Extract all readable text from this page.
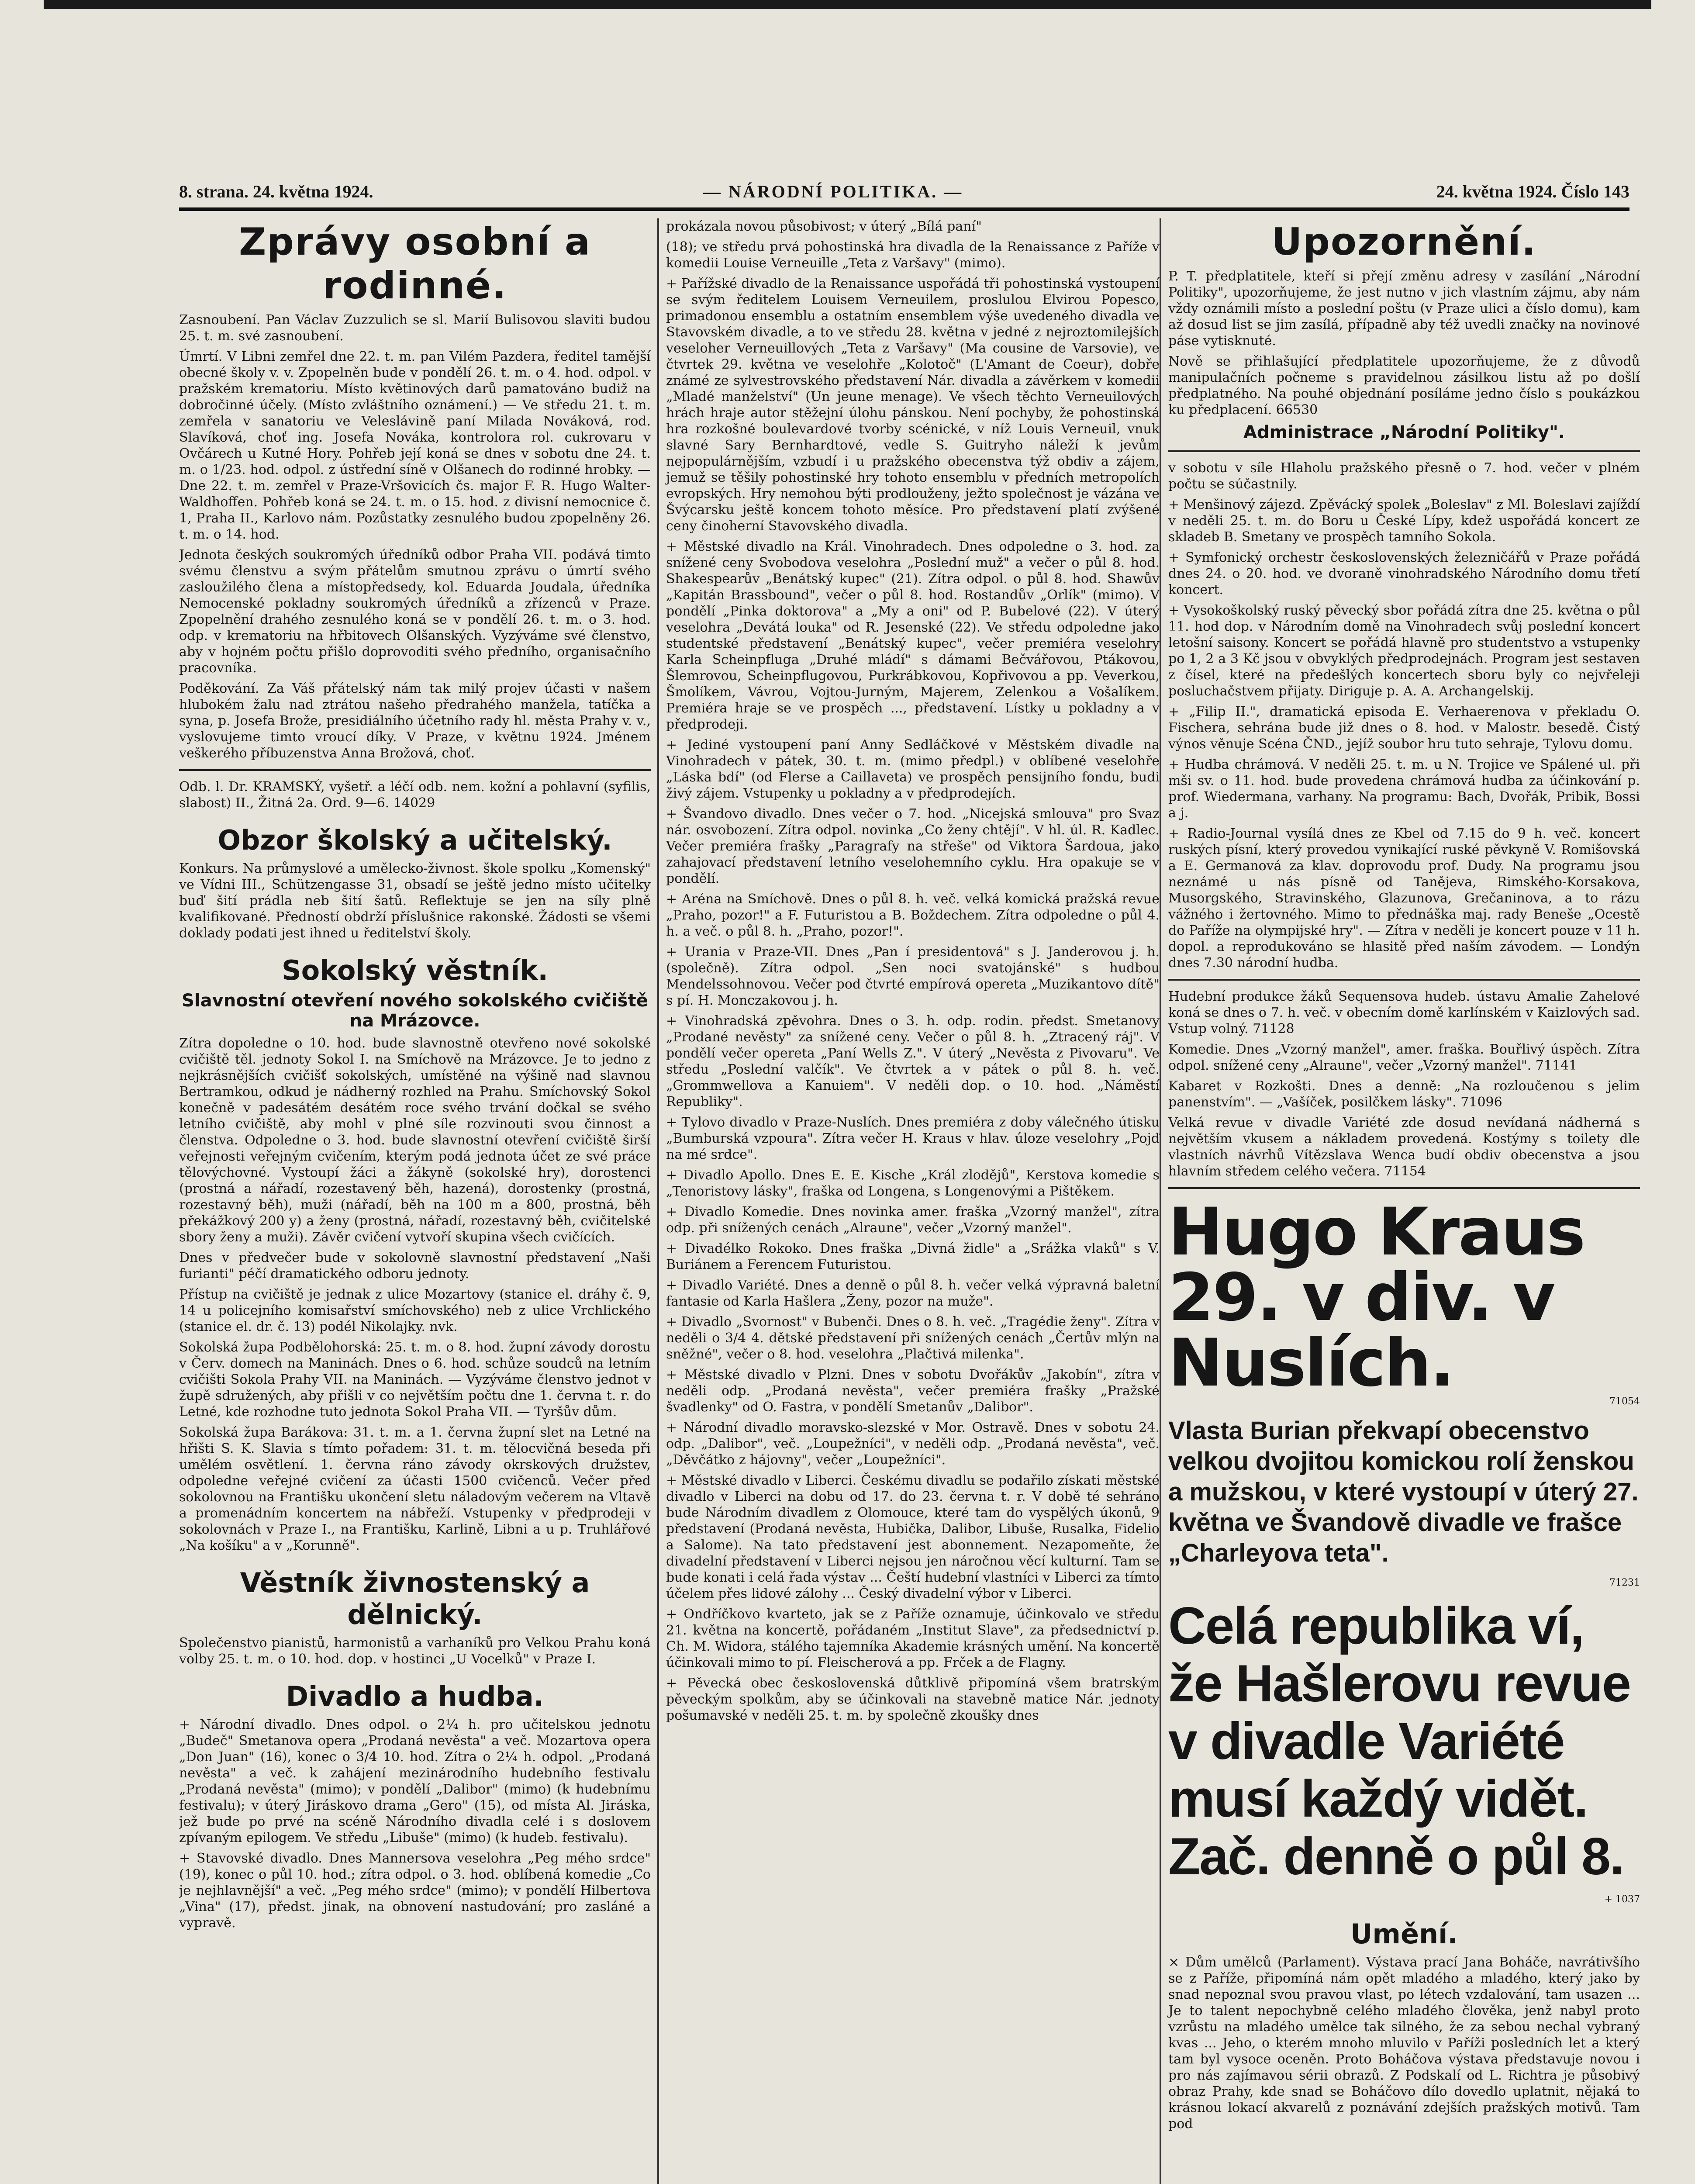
8. strana. 24. května 1924.	— NÁRODNÍ POLITIKA. —	24. května 1924. Číslo 143
Zprávy osobní a rodinné.

Zasnoubení. Pan Václav Zuzzulich se sl. Marií Bulisovou slaviti budou 25. t. m. své zasnoubení.

Úmrtí. V Libni zemřel dne 22. t. m. pan Vilém Pazdera, ředitel tamější obecné školy v. v. Zpopelněn bude v pondělí 26. t. m. o 4. hod. odpol. v pražském krematoriu. Místo květinových darů pamatováno budiž na dobročinné účely. (Místo zvláštního oznámení.) — Ve středu 21. t. m. zemřela v sanatoriu ve Veleslávině paní Milada Nováková, rod. Slavíková, choť ing. Josefa Nováka, kontrolora rol. cukrovaru v Ovčárech u Kutné Hory. Pohřeb její koná se dnes v sobotu dne 24. t. m. o 1/23. hod. odpol. z ústřední síně v Olšanech do rodinné hrobky. — Dne 22. t. m. zemřel v Praze-Vršovicích čs. major F. R. Hugo Walter-Waldhoffen. Pohřeb koná se 24. t. m. o 15. hod. z divisní nemocnice č. 1, Praha II., Karlovo nám. Pozůstatky zesnulého budou zpopelněny 26. t. m. o 14. hod.

Jednota českých soukromých úředníků odbor Praha VII. podává timto svému členstvu a svým přátelům smutnou zprávu o úmrtí svého zasloužilého člena a místopředsedy, kol. Eduarda Joudala, úředníka Nemocenské pokladny soukromých úředníků a zřízenců v Praze. Zpopelnění drahého zesnulého koná se v pondělí 26. t. m. o 3. hod. odp. v krematoriu na hřbitovech Olšanských. Vyzýváme své členstvo, aby v hojném počtu přišlo doprovoditi svého předního, organisačního pracovníka.

Poděkování. Za Váš přátelský nám tak milý projev účasti v našem hlubokém žalu nad ztrátou našeho předrahého manžela, tatíčka a syna, p. Josefa Brože, presidiálního účetního rady hl. města Prahy v. v., vyslovujeme timto vroucí díky. V Praze, v květnu 1924. Jménem veškerého příbuzenstva Anna Brožová, choť.

Odb. l. Dr. KRAMSKÝ, vyšetř. a léčí odb. nem. kožní a pohlavní (syfilis, slabost) II., Žitná 2a. Ord. 9—6. 14029

Obzor školský a učitelský.

Konkurs. Na průmyslové a umělecko-živnost. škole spolku „Komenský" ve Vídni III., Schützengasse 31, obsadí se ještě jedno místo učitelky buď šití prádla neb šití šatů. Reflektuje se jen na síly plně kvalifikované. Předností obdrží příslušnice rakonské. Žádosti se všemi doklady podati jest ihned u ředitelství školy.

Sokolský věstník.
Slavnostní otevření nového sokolského cvičiště na Mrázovce.

Zítra dopoledne o 10. hod. bude slavnostně otevřeno nové sokolské cvičiště těl. jednoty Sokol I. na Smíchově na Mrázovce. Je to jedno z nejkrásnějších cvičišť sokolských, umístěné na výšině nad slavnou Bertramkou, odkud je nádherný rozhled na Prahu. Smíchovský Sokol konečně v padesátém desátém roce svého trvání dočkal se svého letního cvičiště, aby mohl v plné síle rozvinouti svou činnost a členstva. Odpoledne o 3. hod. bude slavnostní otevření cvičiště širší veřejnosti veřejným cvičením, kterým podá jednota účet ze své práce tělovýchovné. Vystoupí žáci a žákyně (sokolské hry), dorostenci (prostná a nářadí, rozestavený běh, hazená), dorostenky (prostná, rozestavný běh), muži (nářadí, běh na 100 m a 800, prostná, běh překážkový 200 y) a ženy (prostná, nářadí, rozestavný běh, cvičitelské sbory ženy a muži). Závěr cvičení vytvoří skupina všech cvičících.

Dnes v předvečer bude v sokolovně slavnostní představení „Naši furianti" péčí dramatického odboru jednoty.

Přístup na cvičiště je jednak z ulice Mozartovy (stanice el. dráhy č. 9, 14 u policejního komisařství smíchovského) neb z ulice Vrchlického (stanice el. dr. č. 13) podél Nikolajky. nvk.

Sokolská župa Podbělohorská: 25. t. m. o 8. hod. župní závody dorostu v Červ. domech na Maninách. Dnes o 6. hod. schůze soudců na letním cvičišti Sokola Prahy VII. na Maninách. — Vyzýváme členstvo jednot v župě sdružených, aby přišli v co největším počtu dne 1. června t. r. do Letné, kde rozhodne tuto jednota Sokol Praha VII. — Tyršův dům.

Sokolská župa Barákova: 31. t. m. a 1. června župní slet na Letné na hřišti S. K. Slavia s tímto pořadem: 31. t. m. tělocvičná beseda při umělém osvětlení. 1. června ráno závody okrskových družstev, odpoledne veřejné cvičení za účasti 1500 cvičenců. Večer před sokolovnou na Františku ukončení sletu náladovým večerem na Vltavě a promenádním koncertem na nábřeží. Vstupenky v předprodeji v sokolovnách v Praze I., na Františku, Karlině, Libni a u p. Truhlářové „Na košíku" a v „Korunně".

Věstník živnostenský a dělnický.

Společenstvo pianistů, harmonistů a varhaníků pro Velkou Prahu koná volby 25. t. m. o 10. hod. dop. v hostinci „U Vocelků" v Praze I.

Divadlo a hudba.

+ Národní divadlo. Dnes odpol. o 2¼ h. pro učitelskou jednotu „Budeč" Smetanova opera „Prodaná nevěsta" a več. Mozartova opera „Don Juan" (16), konec o 3/4 10. hod. Zítra o 2¼ h. odpol. „Prodaná nevěsta" a več. k zahájení mezinárodního hudebního festivalu „Prodaná nevěsta" (mimo); v pondělí „Dalibor" (mimo) (k hudebnímu festivalu); v úterý Jiráskovo drama „Gero" (15), od místa Al. Jiráska, jež bude po prvé na scéně Národního divadla celé i s doslovem zpívaným epilogem. Ve středu „Libuše" (mimo) (k hudeb. festivalu).

+ Stavovské divadlo. Dnes Mannersova veselohra „Peg mého srdce" (19), konec o půl 10. hod.; zítra odpol. o 3. hod. oblíbená komedie „Co je nejhlavnější" a več. „Peg mého srdce" (mimo); v pondělí Hilbertova „Vina" (17), předst. jinak, na obnovení nastudování; pro zasláné a vypravě.

prokázala novou působivost; v úterý „Bílá paní"

(18); ve středu prvá pohostinská hra divadla de la Renaissance z Paříže v komedii Louise Verneuille „Teta z Varšavy" (mimo).

+ Pařížské divadlo de la Renaissance uspořádá tři pohostinská vystoupení se svým ředitelem Louisem Verneuilem, proslulou Elvirou Popesco, primadonou ensemblu a ostatním ensemblem výše uvedeného divadla ve Stavovském divadle, a to ve středu 28. května v jedné z nejroztomilejších veseloher Verneuillových „Teta z Varšavy" (Ma cousine de Varsovie), ve čtvrtek 29. května ve veselohře „Kolotoč" (L'Amant de Coeur), dobře známé ze sylvestrovského představení Nár. divadla a závěrkem v komedii „Mladé manželství" (Un jeune menage). Ve všech těchto Verneuilových hrách hraje autor stěžejní úlohu pánskou. Není pochyby, že pohostinská hra rozkošné boulevardové tvorby scénické, v níž Louis Verneuil, vnuk slavné Sary Bernhardtové, vedle S. Guitryho náleží k jevům nejpopulárnějším, vzbudí i u pražského obecenstva týž obdiv a zájem, jemuž se těšily pohostinské hry tohoto ensemblu v předních metropolích evropských. Hry nemohou býti prodlouženy, ježto společnost je vázána ve Švýcarsku ještě koncem tohoto měsíce. Pro představení platí zvýšené ceny činoherní Stavovského divadla.

+ Městské divadlo na Král. Vinohradech. Dnes odpoledne o 3. hod. za snížené ceny Svobodova veselohra „Poslední muž" a večer o půl 8. hod. Shakespearův „Benátský kupec" (21). Zítra odpol. o půl 8. hod. Shawův „Kapitán Brassbound", večer o půl 8. hod. Rostandův „Orlík" (mimo). V pondělí „Pinka doktorova" a „My a oni" od P. Bubelové (22). V úterý veselohra „Devátá louka" od R. Jesenské (22). Ve středu odpoledne jako studentské představení „Benátský kupec", večer premiéra veselohry Karla Scheinpflugа „Druhé mládí" s dámami Bečvářovou, Ptákovou, Šlemrovou, Scheinpflugovou, Purkrábkovou, Kopřivovou a pp. Veverkou, Šmolíkem, Vávrou, Vojtou-Jurným, Majerem, Zelenkou a Vošalíkem. Premiéra hraje se ve prospěch ..., představení. Lístky u pokladny a v předprodeji.

+ Jediné vystoupení paní Anny Sedláčkové v Městském divadle na Vinohradech v pátek, 30. t. m. (mimo předpl.) v oblíbené veselohře „Láska bdí" (od Flerse a Caillaveta) ve prospěch pensijního fondu, budi živý zájem. Vstupenky u pokladny a v předprodejích.

+ Švandovo divadlo. Dnes večer o 7. hod. „Nicejská smlouva" pro Svaz nár. osvobození. Zítra odpol. novinka „Co ženy chtějí". V hl. úl. R. Kadlec. Večer premiéra frašky „Paragrafy na střeše" od Viktora Šardoua, jako zahajovací představení letního veselohemního cyklu. Hra opakuje se v pondělí.

+ Aréna na Smíchově. Dnes o půl 8. h. več. velká komická pražská revue „Praho, pozor!" a F. Futuristou a B. Boždechem. Zítra odpoledne o půl 4. h. a več. o půl 8. h. „Praho, pozor!".

+ Urania v Praze-VII. Dnes „Pan í presidentová" s J. Janderovou j. h. (společně). Zítra odpol. „Sen noci svatojánské" s hudbou Mendelssohnovou. Večer pod čtvrté empírová opereta „Muzikantovo dítě" s pí. H. Monczakovou j. h.

+ Vinohradská zpěvohra. Dnes o 3. h. odp. rodin. předst. Smetanovy „Prodané nevěsty" za snížené ceny. Večer o půl 8. h. „Ztracený ráj". V pondělí večer opereta „Paní Wells Z.". V úterý „Nevěsta z Pivovaru". Ve středu „Poslední valčík". Ve čtvrtek a v pátek o půl 8. h. več. „Grommwellova a Kanuiem". V neděli dop. o 10. hod. „Náměstí Republiky".

+ Tylovo divadlo v Praze-Nuslích. Dnes premiéra z doby válečného útisku „Bumburská vzpoura". Zítra večer H. Kraus v hlav. úloze veselohry „Pojď na mé srdce".

+ Divadlo Apollo. Dnes E. E. Kische „Král zlodějů", Kerstova komedie s „Tenoristovy lásky", fraška od Longena, s Longenovými a Pištěkem.

+ Divadlo Komedie. Dnes novinka amer. fraška „Vzorný manžel", zítra odp. při snížených cenách „Alraune", večer „Vzorný manžel".

+ Divadélko Rokoko. Dnes fraška „Divná židle" a „Srážka vlaků" s V. Buriánem a Ferencem Futuristou.

+ Divadlo Variété. Dnes a denně o půl 8. h. večer velká výpravná baletní fantasie od Karla Hašlera „Ženy, pozor na muže".

+ Divadlo „Svornost" v Bubenči. Dnes o 8. h. več. „Tragédie ženy". Zítra v neděli o 3/4 4. dětské představení při snížených cenách „Čertův mlýn na sněžné", večer o 8. hod. veselohra „Plačtivá milenka".

+ Městské divadlo v Plzni. Dnes v sobotu Dvořákův „Jakobín", zítra v neděli odp. „Prodaná nevěsta", večer premiéra frašky „Pražské švadlenky" od O. Fastra, v pondělí Smetanův „Dalibor".

+ Národní divadlo moravsko-slezské v Mor. Ostravě. Dnes v sobotu 24. odp. „Dalibor", več. „Loupežníci", v neděli odp. „Prodaná nevěsta", več. „Děvčátko z hájovny", večer „Loupežníci".

+ Městské divadlo v Liberci. Českému divadlu se podařilo získati městské divadlo v Liberci na dobu od 17. do 23. června t. r. V době té sehráno bude Národním divadlem z Olomouce, které tam do vyspělých úkonů, 9 představení (Prodaná nevěsta, Hubička, Dalibor, Libuše, Rusalka, Fidelio a Salome). Na tato představení jest abonnement. Nezapomeňte, že divadelní představení v Liberci nejsou jen náročnou věcí kulturní. Tam se bude konati i celá řada výstav ... Čeští hudební vlastníci v Liberci za tímto účelem přes lidové zálohy ... Český divadelní výbor v Liberci.

+ Ondříčkovo kvarteto, jak se z Paříže oznamuje, účinkovalo ve středu 21. května na koncertě, pořádaném „Institut Slave", za předsednictví p. Ch. M. Widora, stálého tajemníka Akademie krásných umění. Na koncertě účinkovali mimo to pí. Fleischerová a pp. Frček a de Flagny.

+ Pěvecká obec československá důtklivě připomíná všem bratrským pěveckým spolkům, aby se účinkovali na stavebně matice Nár. jednoty pošumavské v neděli 25. t. m. by společně zkoušky dnes

Upozornění.

P. T. předplatitele, kteří si přejí změnu adresy v zasílání „Národní Politiky", upozorňujeme, že jest nutno v jich vlastním zájmu, aby nám vždy oznámili místo a poslední poštu (v Praze ulici a číslo domu), kam až dosud list se jim zasílá, případně aby též uvedli značky na novinové páse vytisknuté.

Nově se přihlašující předplatitele upozorňujeme, že z důvodů manipulačních počneme s pravidelnou zásilkou listu až po došlí předplatného. Na pouhé objednání posíláme jedno číslo s poukázkou ku předplacení. 66530

Administrace „Národní Politiky".

v sobotu v síle Hlaholu pražského přesně o 7. hod. večer v plném počtu se súčastnily.

+ Menšinový zájezd. Zpěvácký spolek „Boleslav" z Ml. Boleslavi zajíždí v neděli 25. t. m. do Boru u České Lípy, kdež uspořádá koncert ze skladeb B. Smetany ve prospěch tamního Sokola.

+ Symfonický orchestr československých železničářů v Praze pořádá dnes 24. o 20. hod. ve dvoraně vinohradského Národního domu třetí koncert.

+ Vysokoškolský ruský pěvecký sbor pořádá zítra dne 25. května o půl 11. hod dop. v Národním domě na Vinohradech svůj poslední koncert letošní saisony. Koncert se pořádá hlavně pro studentstvo a vstupenky po 1, 2 a 3 Kč jsou v obvyklých předprodejnách. Program jest sestaven z čísel, které na předešlých koncertech sboru byly co nejvřeleji posluchačstvem přijaty. Diriguje p. A. A. Archangelskij.

+ „Filip II.", dramatická episoda E. Verhaerenova v překladu O. Fischera, sehrána bude již dnes o 8. hod. v Malostr. besedě. Čistý výnos věnuje Scéna ČND., jejíž soubor hru tuto sehraje, Tylovu domu.

+ Hudba chrámová. V neděli 25. t. m. u N. Trojice ve Spálené ul. při mši sv. o 11. hod. bude provedena chrámová hudba za účinkování p. prof. Wiedermana, varhany. Na programu: Bach, Dvořák, Pribik, Bossi a j.

+ Radio-Journal vysílá dnes ze Kbel od 7.15 do 9 h. več. koncert ruských písní, který provedou vynikající ruské pěvkyně V. Romišovská a E. Germanová za klav. doprovodu prof. Dudy. Na programu jsou neznámé u nás písně od Tanějeva, Rimského-Korsakova, Musorgského, Stravinského, Glazunova, Grečaninova, a to rázu vážného i žertovného. Mimo to přednáška maj. rady Beneše „Ocestě do Paříže na olympijské hry". — Zítra v neděli je koncert pouze v 11 h. dopol. a reprodukováno se hlasitě před naším závodem. — Londýn dnes 7.30 národní hudba.

Hudební produkce žáků Sequensova hudeb. ústavu Amalie Zahelové koná se dnes o 7. h. več. v obecním domě karlínském v Kaizlových sad. Vstup volný. 71128

Komedie. Dnes „Vzorný manžel", amer. fraška. Bouřlivý úspěch. Zítra odpol. snížené ceny „Alraune", večer „Vzorný manžel". 71141

Kabaret v Rozkošti. Dnes a denně: „Na rozloučenou s jelim panenstvím". — „Vašíček, posilčkem lásky". 71096

Velká revue v divadle Variété zde dosud nevídaná nádherná s největším vkusem a nákladem provedená. Kostýmy s toilety dle vlastních návrhů Vítězslava Wenca budí obdiv obecenstva a jsou hlavním středem celého večera. 71154

Hugo Kraus 29. v div. v Nuslích.
71054
Vlasta Burian překvapí obecenstvo velkou dvojitou komickou rolí ženskou a mužskou, v které vystoupí v úterý 27. května ve Švandově divadle ve frašce „Charleyova teta".
71231
Celá republika ví, že Hašlerovu revue v divadle Variété musí každý vidět. Zač. denně o půl 8.
+ 1037
Umění.

× Dům umělců (Parlament). Výstava prací Jana Boháče, navrátivšího se z Paříže, připomíná nám opět mladého a mladého, který jako by snad nepoznal svou pravou vlast, po létech vzdalování, tam usazen ... Je to talent nepochybně celého mladého člověka, jenž nabyl proto vzrůstu na mladého umělce tak silného, že za sebou nechal vybraný kvas ... Jeho, o kterém mnoho mluvilo v Paříži posledních let a který tam byl vysoce oceněn. Proto Boháčova výstava představuje novou i pro nás zajímavou sérii obrazů. Z Podskalí od L. Richtra je působivý obraz Prahy, kde snad se Boháčovo dílo dovedlo uplatnit, nějaká to krásnou lokací akvarelů z poznávání zdejších pražských motivů. Tam pod
